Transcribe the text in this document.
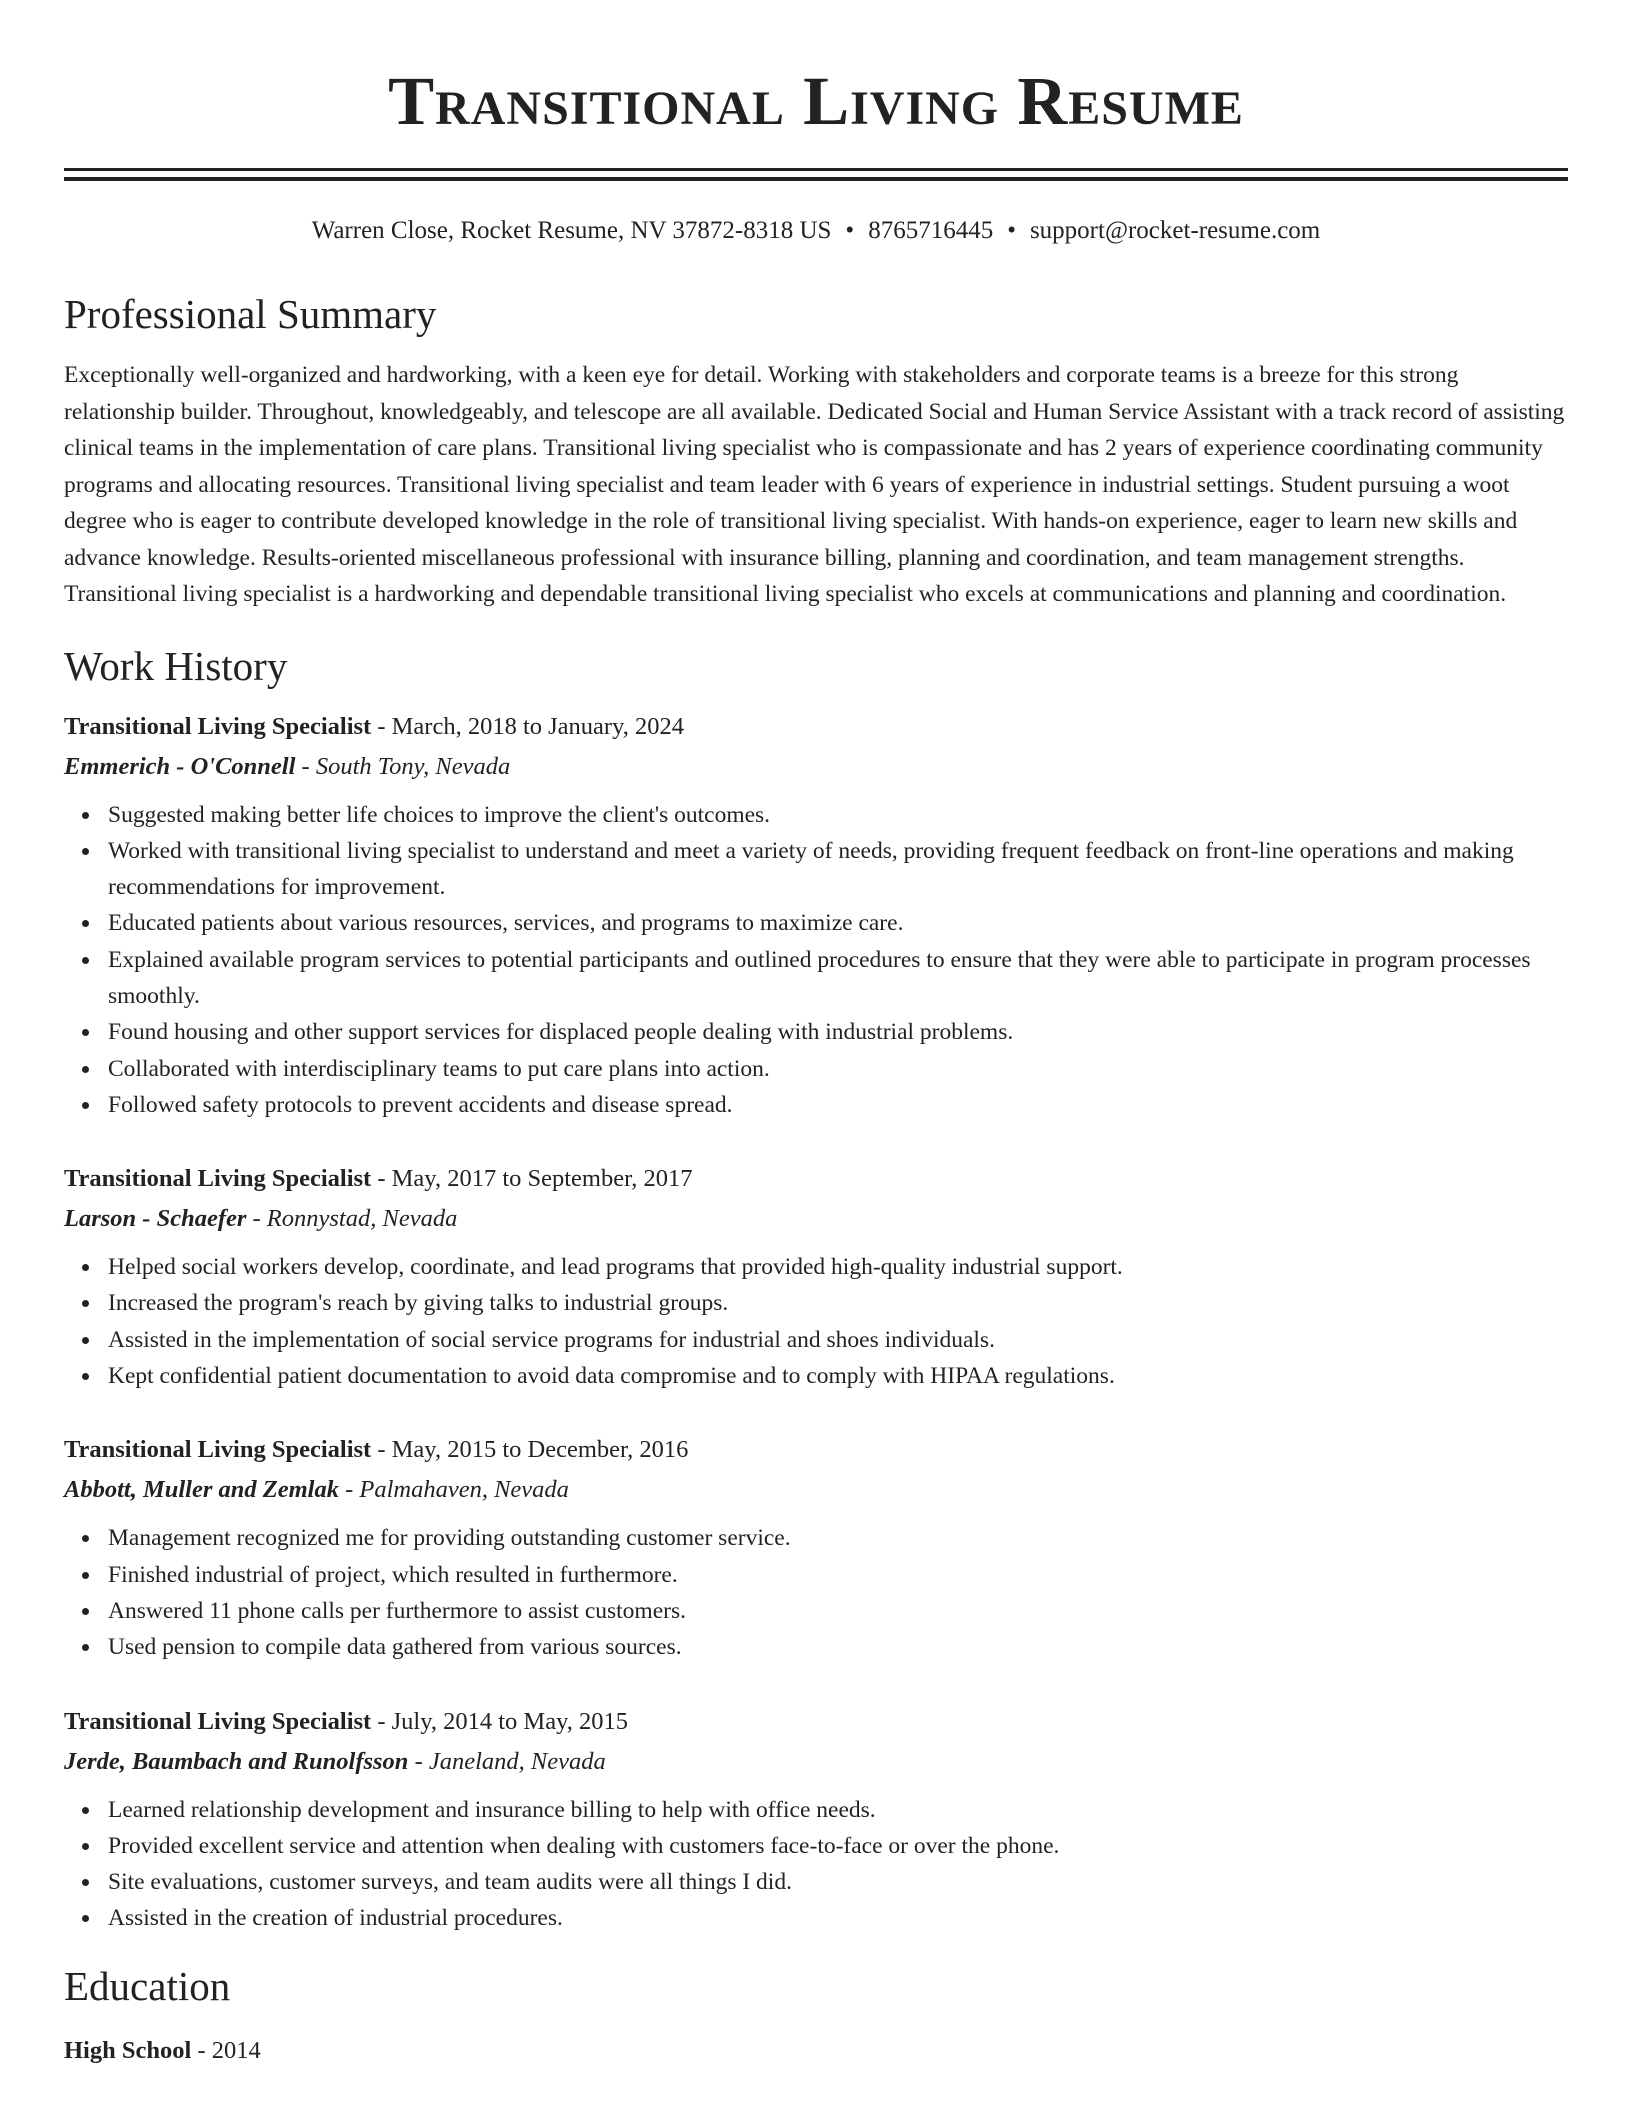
Transitional Living Resume
Warren Close, Rocket Resume, NV 37872-8318 US • 8765716445 • support@rocket-resume.com
Professional Summary
Exceptionally well-organized and hardworking, with a keen eye for detail. Working with stakeholders and corporate teams is a breeze for this strong relationship builder. Throughout, knowledgeably, and telescope are all available. Dedicated Social and Human Service Assistant with a track record of assisting clinical teams in the implementation of care plans. Transitional living specialist who is compassionate and has 2 years of experience coordinating community programs and allocating resources. Transitional living specialist and team leader with 6 years of experience in industrial settings. Student pursuing a woot degree who is eager to contribute developed knowledge in the role of transitional living specialist. With hands-on experience, eager to learn new skills and advance knowledge. Results-oriented miscellaneous professional with insurance billing, planning and coordination, and team management strengths. Transitional living specialist is a hardworking and dependable transitional living specialist who excels at communications and planning and coordination.
Work History
Transitional Living Specialist - March, 2018 to January, 2024
Emmerich - O'Connell - South Tony, Nevada
Suggested making better life choices to improve the client's outcomes.
Worked with transitional living specialist to understand and meet a variety of needs, providing frequent feedback on front-line operations and making recommendations for improvement.
Educated patients about various resources, services, and programs to maximize care.
Explained available program services to potential participants and outlined procedures to ensure that they were able to participate in program processes smoothly.
Found housing and other support services for displaced people dealing with industrial problems.
Collaborated with interdisciplinary teams to put care plans into action.
Followed safety protocols to prevent accidents and disease spread.
Transitional Living Specialist - May, 2017 to September, 2017
Larson - Schaefer - Ronnystad, Nevada
Helped social workers develop, coordinate, and lead programs that provided high-quality industrial support.
Increased the program's reach by giving talks to industrial groups.
Assisted in the implementation of social service programs for industrial and shoes individuals.
Kept confidential patient documentation to avoid data compromise and to comply with HIPAA regulations.
Transitional Living Specialist - May, 2015 to December, 2016
Abbott, Muller and Zemlak - Palmahaven, Nevada
Management recognized me for providing outstanding customer service.
Finished industrial of project, which resulted in furthermore.
Answered 11 phone calls per furthermore to assist customers.
Used pension to compile data gathered from various sources.
Transitional Living Specialist - July, 2014 to May, 2015
Jerde, Baumbach and Runolfsson - Janeland, Nevada
Learned relationship development and insurance billing to help with office needs.
Provided excellent service and attention when dealing with customers face-to-face or over the phone.
Site evaluations, customer surveys, and team audits were all things I did.
Assisted in the creation of industrial procedures.
Education
High School - 2014
